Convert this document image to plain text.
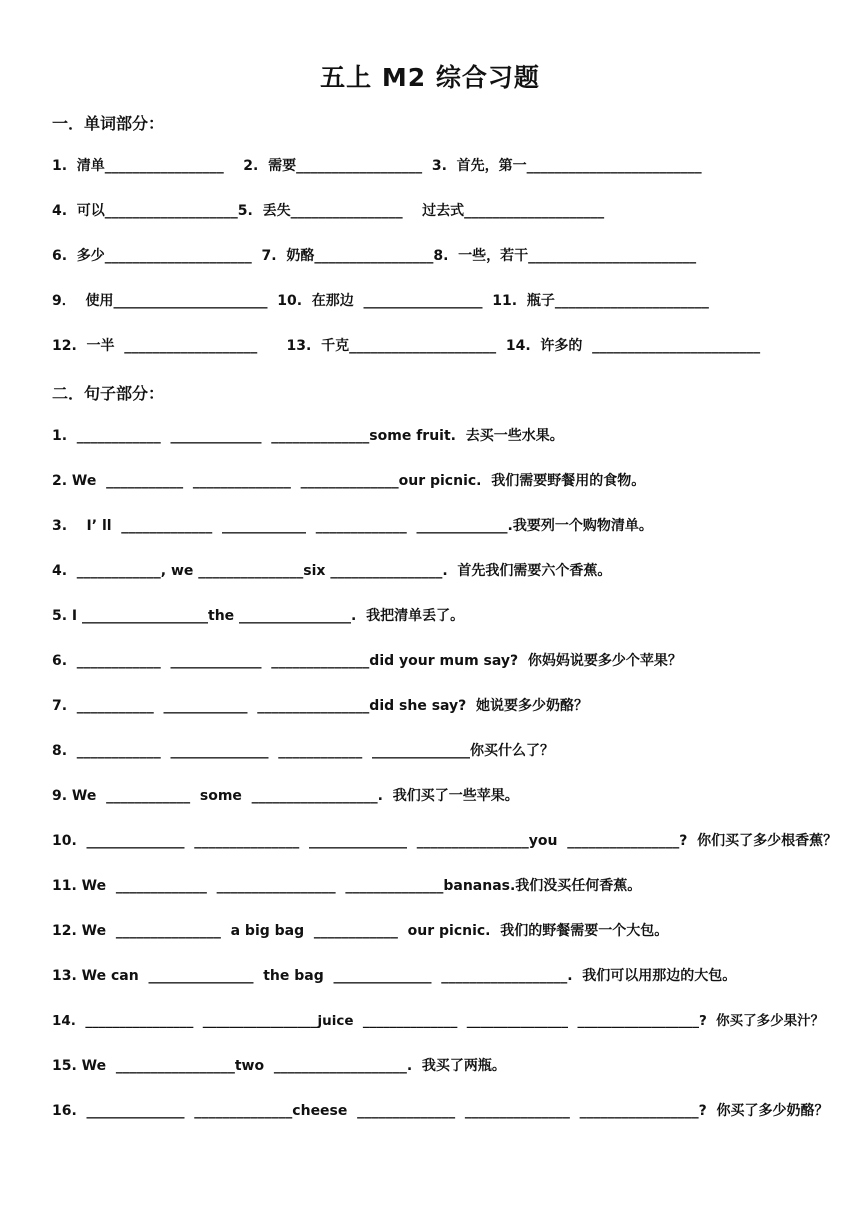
五上 M2 综合习题
一．单词部分：
1.  清单_________________    2.  需要__________________  3.  首先，第一_________________________
4.  可以___________________5.  丢失________________    过去式____________________
6.  多少_____________________  7.  奶酪_________________8.  一些，若干________________________
9．  使用______________________  10.  在那边  _________________  11.  瓶子______________________
12.  一半  ___________________      13.  千克_____________________  14.  许多的  ________________________
二．句子部分：
1.  ____________  _____________  ______________some fruit.  去买一些水果。
2. We  ___________  ______________  ______________our picnic.  我们需要野餐用的食物。
3.    I’ ll  _____________  ____________  _____________  _____________.我要列一个购物清单。
4.  ____________, we _______________six ________________.  首先我们需要六个香蕉。
5. I __________________the ________________.  我把清单丢了。
6.  ____________  _____________  ______________did your mum say?  你妈妈说要多少个苹果？
7.  ___________  ____________  ________________did she say?  她说要多少奶酪？
8.  ____________  ______________  ____________  ______________你买什么了？
9. We  ____________  some  __________________.  我们买了一些苹果。
10.  ______________  _______________  ______________  ________________you  ________________?  你们买了多少根香蕉？
11. We  _____________  _________________  ______________bananas.我们没买任何香蕉。
12. We  _______________  a big bag  ____________  our picnic.  我们的野餐需要一个大包。
13. We can  _______________  the bag  ______________  __________________.  我们可以用那边的大包。
14.  ________________  _________________juice  ______________  _______________  __________________?  你买了多少果汁？
15. We  _________________two  ___________________.  我买了两瓶。
16.  ______________  ______________cheese  ______________  _______________  _________________?  你买了多少奶酪？
